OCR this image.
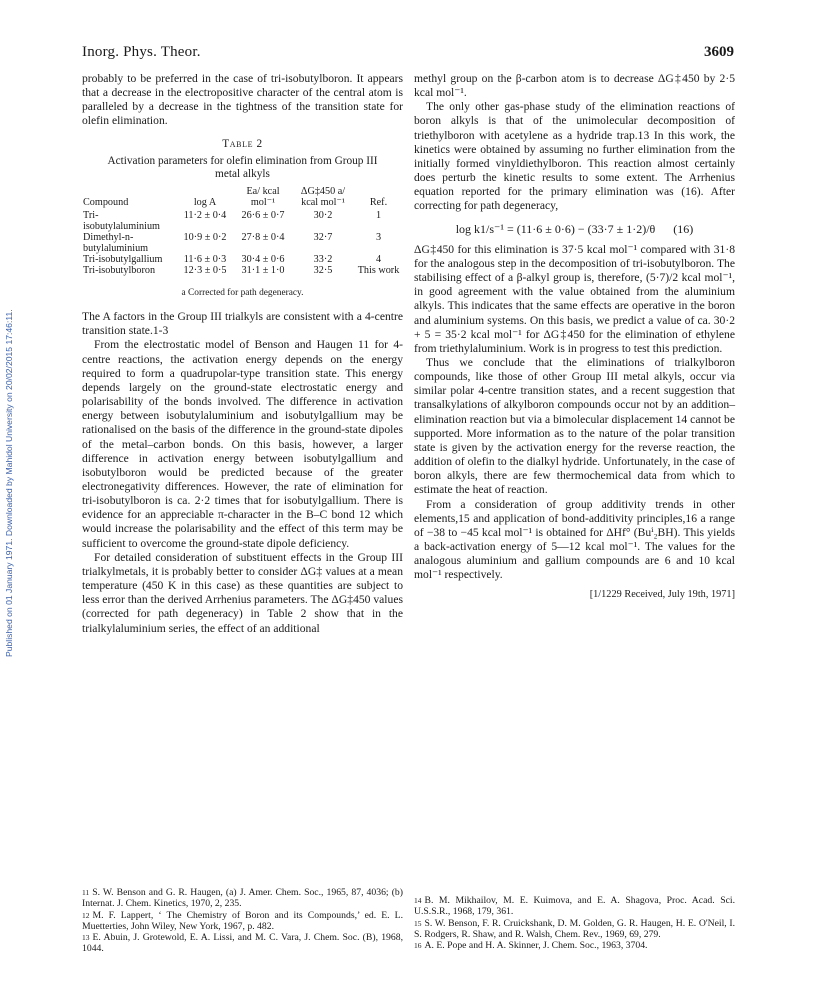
Published on 01 January 1971. Downloaded by Mahidol University on 20/02/2015 17:46:11.
Inorg. Phys. Theor.	3609

probably to be preferred in the case of tri-isobutylboron. It appears that a decrease in the electropositive character of the central atom is paralleled by a decrease in the tightness of the transition state for olefin elimination.

Table 2
Activation parameters for olefin elimination from Group III metal alkyls
Compound	log A	Ea/ kcal mol⁻¹	ΔG‡450 a/ kcal mol⁻¹	Ref.
Tri-isobutylaluminium	11·2 ± 0·4	26·6 ± 0·7	30·2	1
Dimethyl-n-butylaluminium	10·9 ± 0·2	27·8 ± 0·4	32·7	3
Tri-isobutylgallium	11·6 ± 0·3	30·4 ± 0·6	33·2	4
Tri-isobutylboron	12·3 ± 0·5	31·1 ± 1·0	32·5	This work
a Corrected for path degeneracy.

The A factors in the Group III trialkyls are consistent with a 4-centre transition state.1-3

From the electrostatic model of Benson and Haugen 11 for 4-centre reactions, the activation energy depends on the energy required to form a quadrupolar-type transition state. This energy depends largely on the ground-state electrostatic energy and polarisability of the bonds involved. The difference in activation energy between isobutylaluminium and isobutylgallium may be rationalised on the basis of the difference in the ground-state dipoles of the metal–carbon bonds. On this basis, however, a larger difference in activation energy between isobutylgallium and isobutylboron would be predicted because of the greater electronegativity differences. However, the rate of elimination for tri-isobutylboron is ca. 2·2 times that for isobutylgallium. There is evidence for an appreciable π-character in the B–C bond 12 which would increase the polarisability and the effect of this term may be sufficient to overcome the ground-state dipole deficiency.

For detailed consideration of substituent effects in the Group III trialkylmetals, it is probably better to consider ΔG‡ values at a mean temperature (450 K in this case) as these quantities are subject to less error than the derived Arrhenius parameters. The ΔG‡450 values (corrected for path degeneracy) in Table 2 show that in the trialkylaluminium series, the effect of an additional

methyl group on the β-carbon atom is to decrease ΔG‡450 by 2·5 kcal mol⁻¹.

The only other gas-phase study of the elimination reactions of boron alkyls is that of the unimolecular decomposition of triethylboron with acetylene as a hydride trap.13 In this work, the kinetics were obtained by assuming no further elimination from the initially formed vinyldiethylboron. This reaction almost certainly does perturb the kinetic results to some extent. The Arrhenius equation reported for the primary elimination was (16). After correcting for path degeneracy,

log k1/s⁻¹ = (11·6 ± 0·6) − (33·7 ± 1·2)/θ (16)

ΔG‡450 for this elimination is 37·5 kcal mol⁻¹ compared with 31·8 for the analogous step in the decomposition of tri-isobutylboron. The stabilising effect of a β-alkyl group is, therefore, (5·7)/2 kcal mol⁻¹, in good agreement with the value obtained from the aluminium alkyls. This indicates that the same effects are operative in the boron and aluminium systems. On this basis, we predict a value of ca. 30·2 + 5 = 35·2 kcal mol⁻¹ for ΔG‡450 for the elimination of ethylene from triethylaluminium. Work is in progress to test this prediction.

Thus we conclude that the eliminations of trialkylboron compounds, like those of other Group III metal alkyls, occur via similar polar 4-centre transition states, and a recent suggestion that transalkylations of alkylboron compounds occur not by an addition–elimination reaction but via a bimolecular displacement 14 cannot be supported. More information as to the nature of the polar transition state is given by the activation energy for the reverse reaction, the addition of olefin to the dialkyl hydride. Unfortunately, in the case of boron alkyls, there are few thermochemical data from which to estimate the heat of reaction.

From a consideration of group additivity trends in other elements,15 and application of bond-additivity principles,16 a range of −38 to −45 kcal mol⁻¹ is obtained for ΔHf° (Buⁱ₂BH). This yields a back-activation energy of 5—12 kcal mol⁻¹. The values for the analogous aluminium and gallium compounds are 6 and 10 kcal mol⁻¹ respectively.

[1/1229 Received, July 19th, 1971]

$^{11}$ S. W. Benson and G. R. Haugen, (a) J. Amer. Chem. Soc., 1965, 87, 4036; (b) Internat. J. Chem. Kinetics, 1970, 2, 235.

$^{12}$ M. F. Lappert, ‘ The Chemistry of Boron and its Compounds,’ ed. E. L. Muetterties, John Wiley, New York, 1967, p. 482.

$^{13}$ E. Abuin, J. Grotewold, E. A. Lissi, and M. C. Vara, J. Chem. Soc. (B), 1968, 1044.

$^{14}$ B. M. Mikhailov, M. E. Kuimova, and E. A. Shagova, Proc. Acad. Sci. U.S.S.R., 1968, 179, 361.

$^{15}$ S. W. Benson, F. R. Cruickshank, D. M. Golden, G. R. Haugen, H. E. O'Neil, I. S. Rodgers, R. Shaw, and R. Walsh, Chem. Rev., 1969, 69, 279.

$^{16}$ A. E. Pope and H. A. Skinner, J. Chem. Soc., 1963, 3704.
